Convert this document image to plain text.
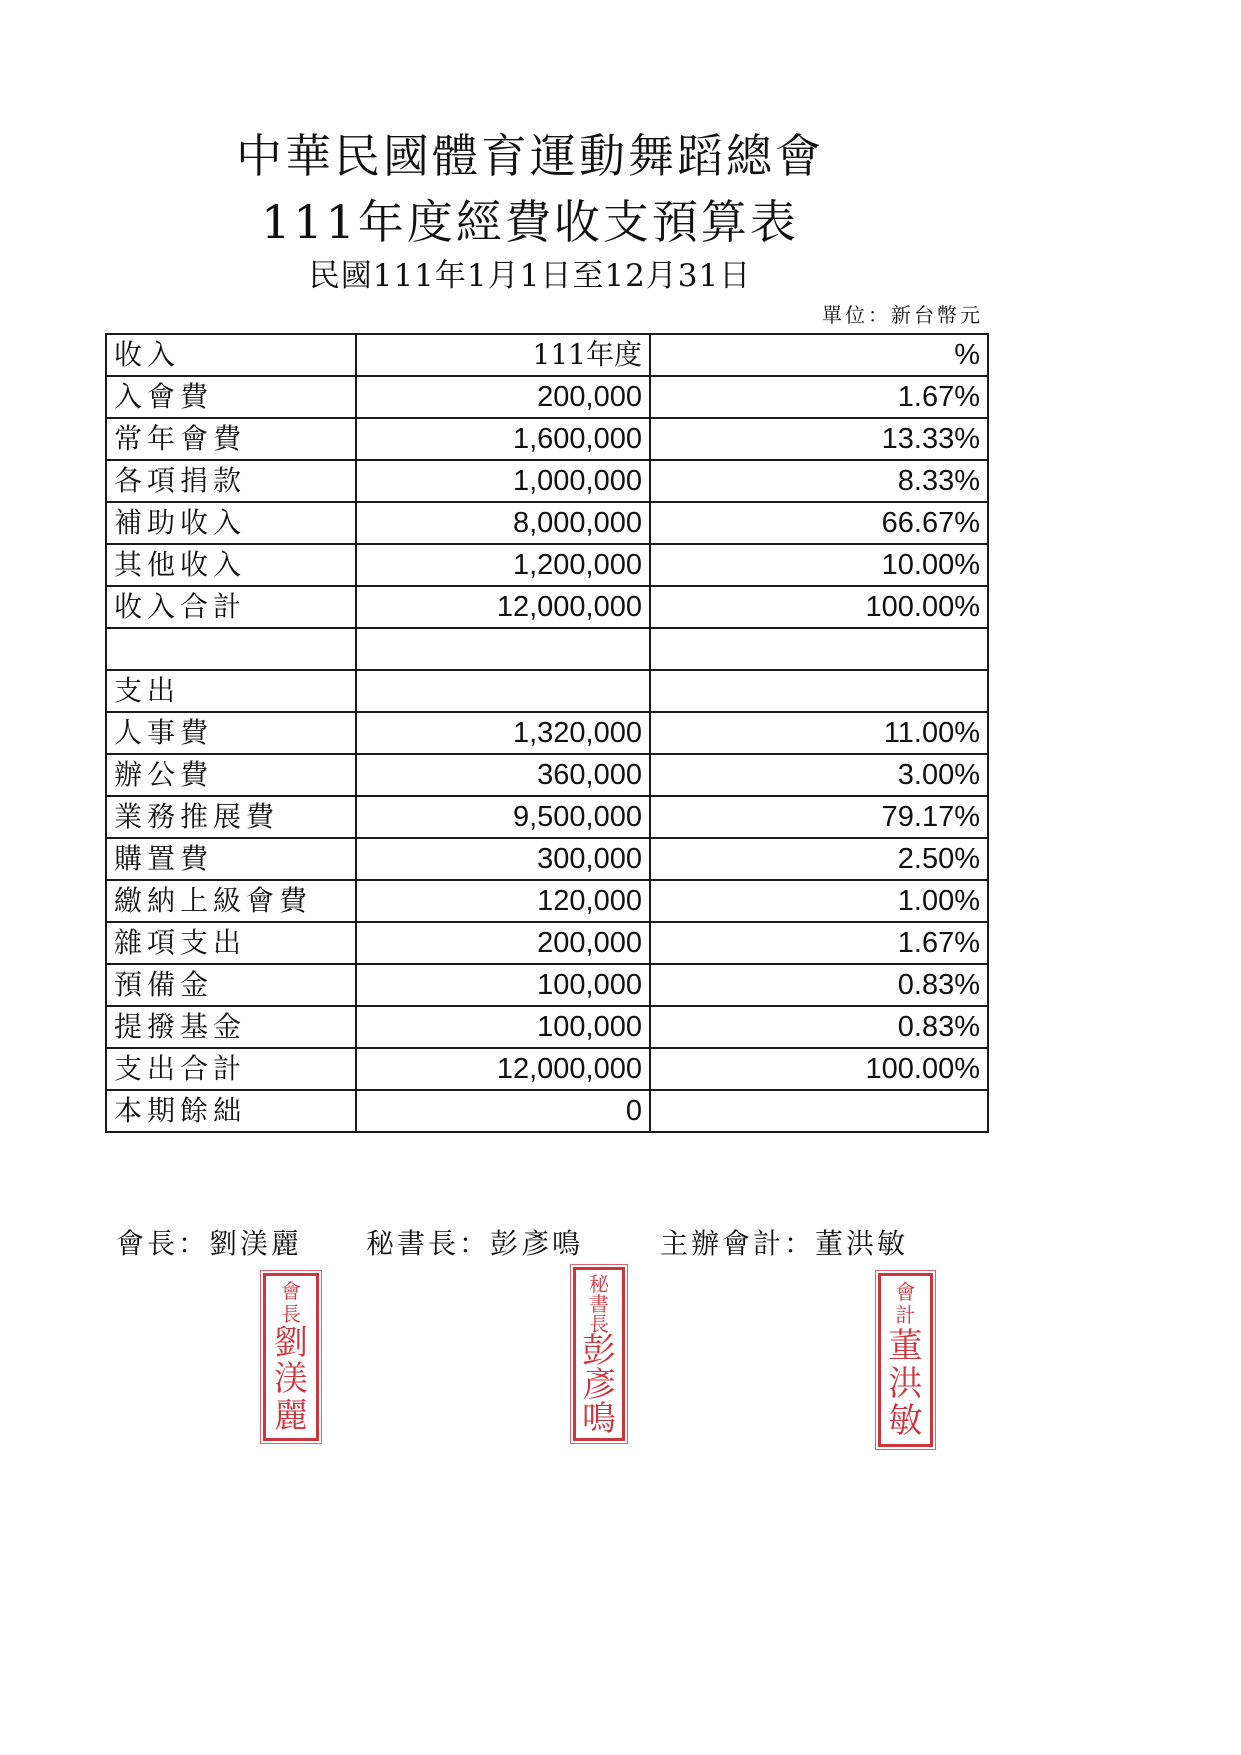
中華民國體育運動舞蹈總會
111年度經費收支預算表
民國111年1月1日至12月31日
單位：新台幣元
收入	111年度	%
入會費	200,000	1.67%
常年會費	1,600,000	13.33%
各項捐款	1,000,000	8.33%
補助收入	8,000,000	66.67%
其他收入	1,200,000	10.00%
收入合計	12,000,000	100.00%

支出		
人事費	1,320,000	11.00%
辦公費	360,000	3.00%
業務推展費	9,500,000	79.17%
購置費	300,000	2.50%
繳納上級會費	120,000	1.00%
雜項支出	200,000	1.67%
預備金	100,000	0.83%
提撥基金	100,000	0.83%
支出合計	12,000,000	100.00%
本期餘絀	0	
會長：劉渼麗 秘書長：彭彥鳴	主辦會計：董洪敏
會
長
劉
渼
麗
秘
書
長
彭
彥
鳴
會
計
董
洪
敏
